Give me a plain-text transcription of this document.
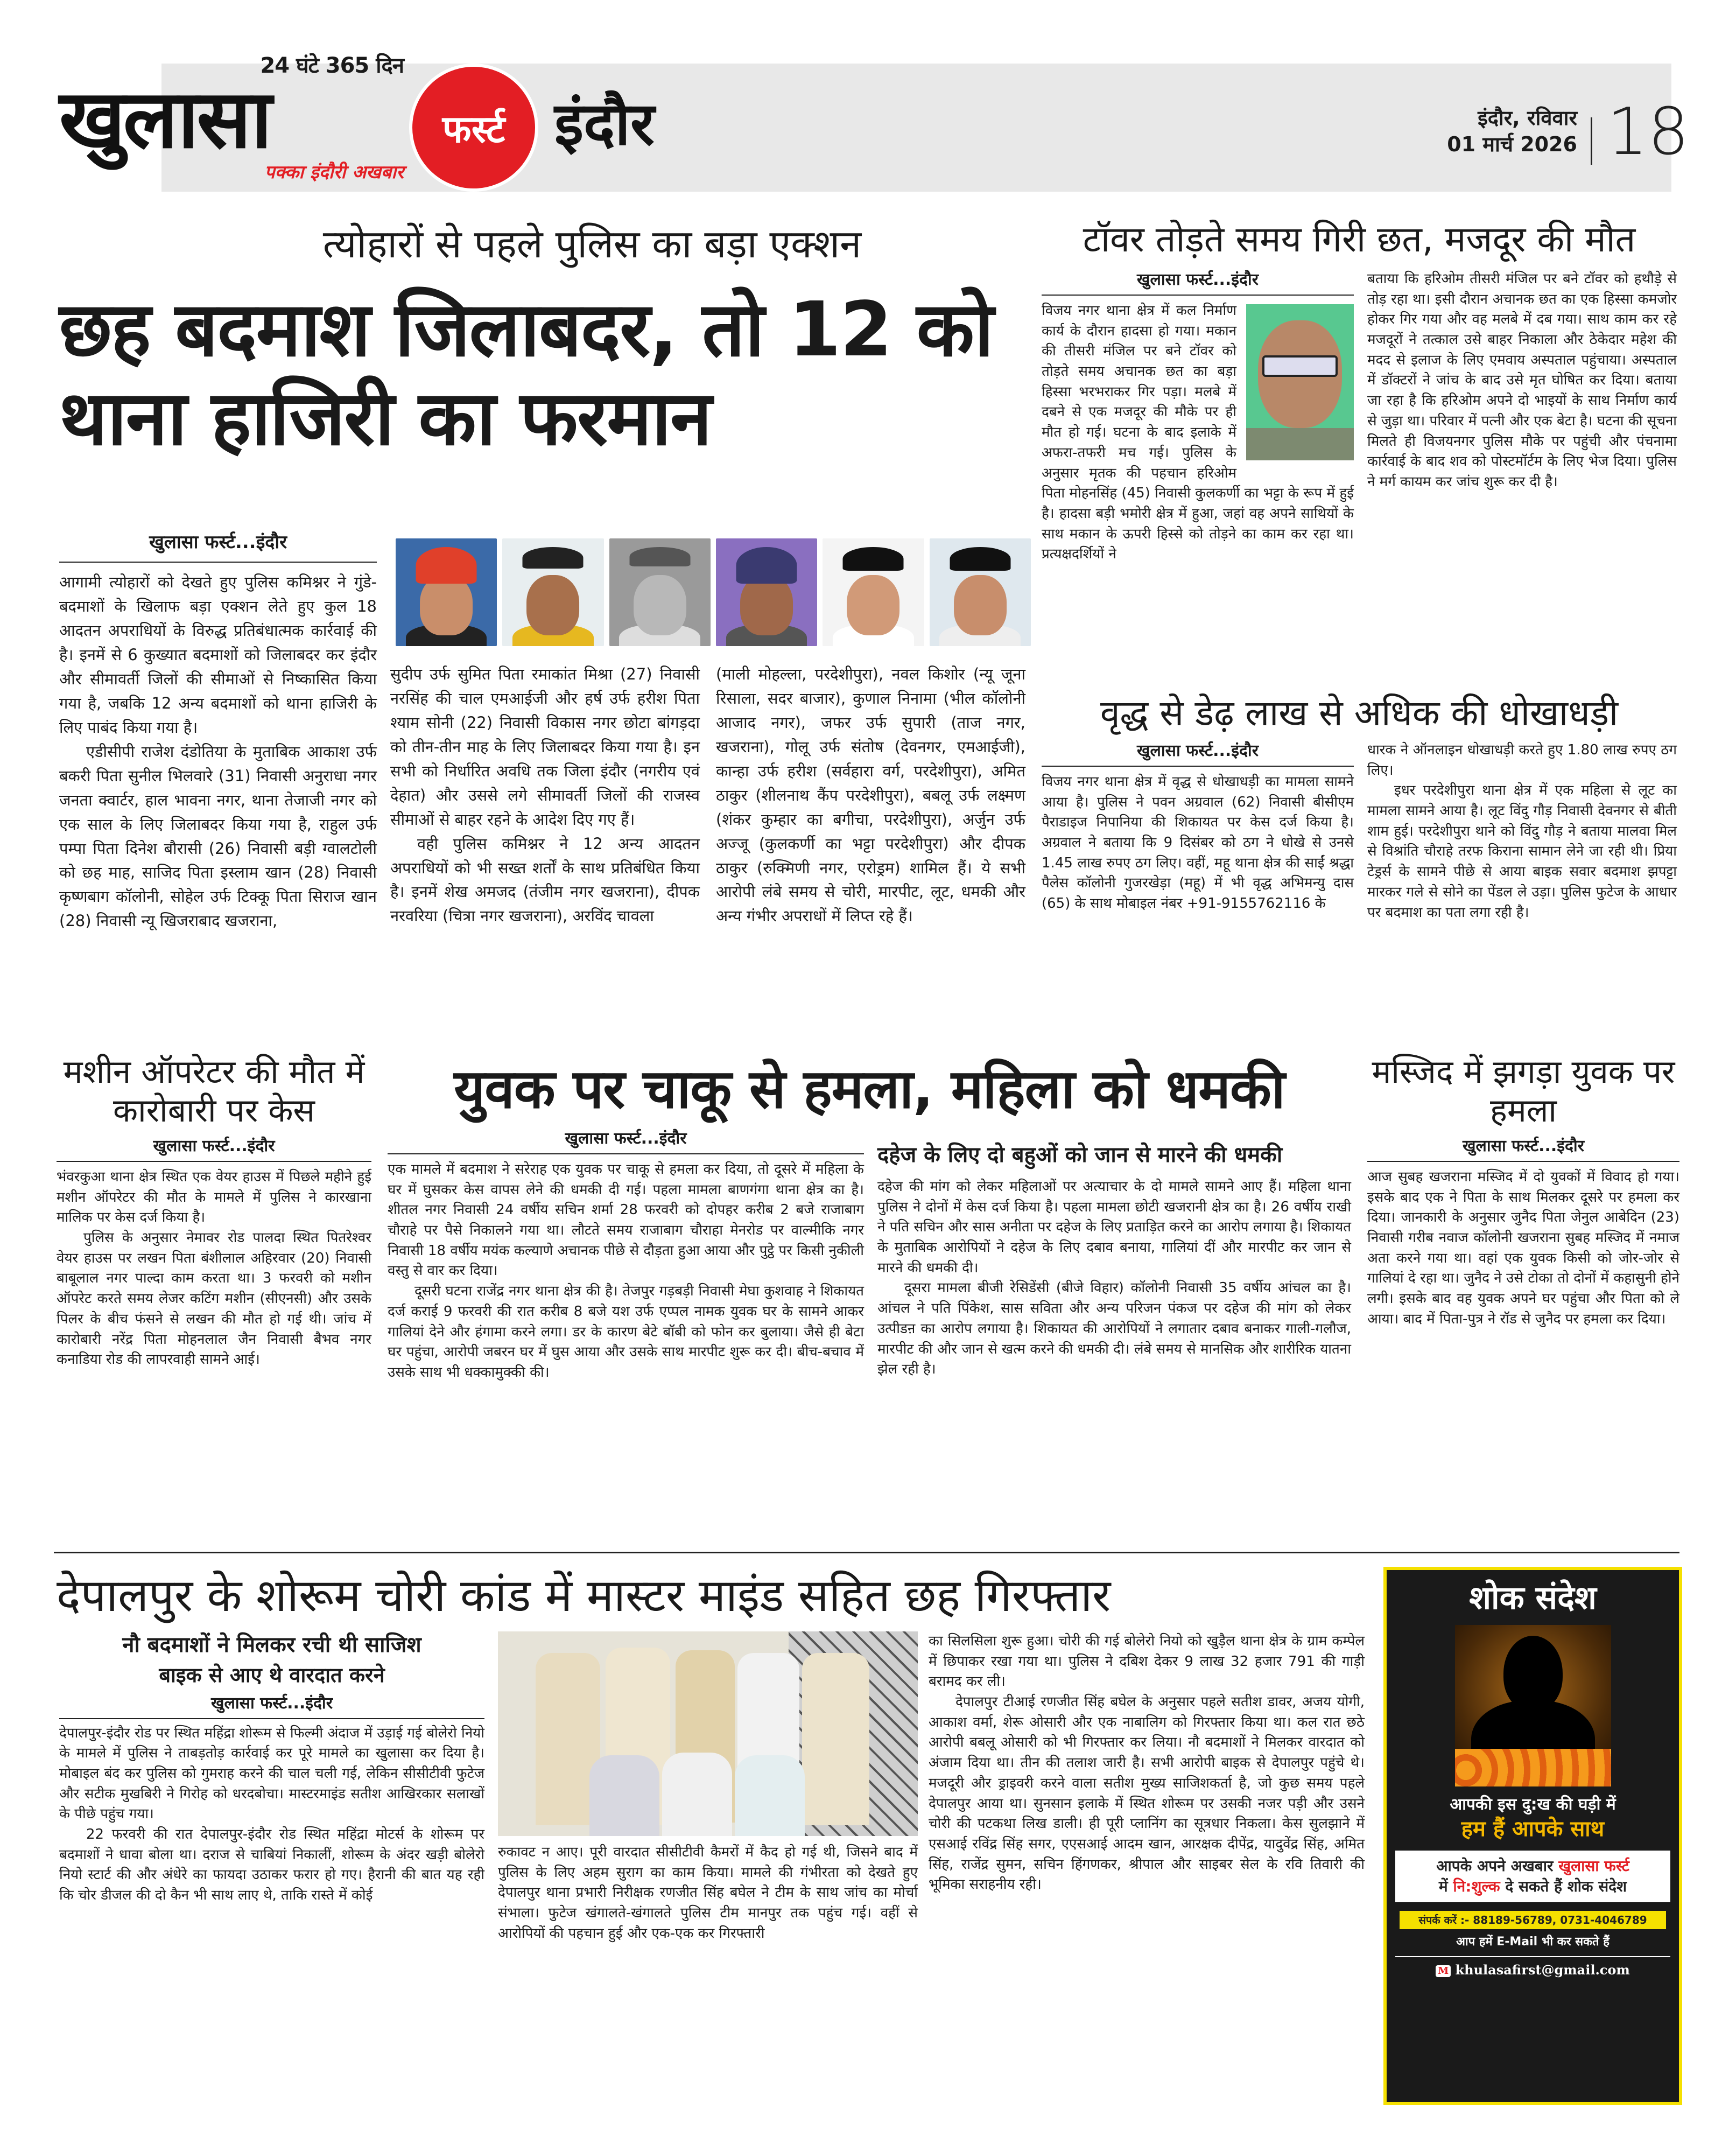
24 घंटे 365 दिन
खुलासा
पक्का इंदौरी अखबार
फर्स्ट इंदौर	इंदौर, रविवार
01 मार्च 2026 18
त्योहारों से पहले पुलिस का बड़ा एक्शन
छह बदमाश जिलाबदर, तो 12 को थाना हाजिरी का फरमान
खुलासा फर्स्ट...इंदौर

आगामी त्योहारों को देखते हुए पुलिस कमिश्नर ने गुंडे-बदमाशों के खिलाफ बड़ा एक्शन लेते हुए कुल 18 आदतन अपराधियों के विरुद्ध प्रतिबंधात्मक कार्रवाई की है। इनमें से 6 कुख्यात बदमाशों को जिलाबदर कर इंदौर और सीमावर्ती जिलों की सीमाओं से निष्कासित किया गया है, जबकि 12 अन्य बदमाशों को थाना हाजिरी के लिए पाबंद किया गया है।

एडीसीपी राजेश दंडोतिया के मुताबिक आकाश उर्फ बकरी पिता सुनील भिलवारे (31) निवासी अनुराधा नगर जनता क्वार्टर, हाल भावना नगर, थाना तेजाजी नगर को एक साल के लिए जिलाबदर किया गया है, राहुल उर्फ पम्पा पिता दिनेश बौरासी (26) निवासी बड़ी ग्वालटोली को छह माह, साजिद पिता इस्लाम खान (28) निवासी कृष्णबाग कॉलोनी, सोहेल उर्फ टिक्कू पिता सिराज खान (28) निवासी न्यू खिजराबाद खजराना,

सुदीप उर्फ सुमित पिता रमाकांत मिश्रा (27) निवासी नरसिंह की चाल एमआईजी और हर्ष उर्फ हरीश पिता श्याम सोनी (22) निवासी विकास नगर छोटा बांगड़दा को तीन-तीन माह के लिए जिलाबदर किया गया है। इन सभी को निर्धारित अवधि तक जिला इंदौर (नगरीय एवं देहात) और उससे लगे सीमावर्ती जिलों की राजस्व सीमाओं से बाहर रहने के आदेश दिए गए हैं।

वही पुलिस कमिश्नर ने 12 अन्य आदतन अपराधियों को भी सख्त शर्तों के साथ प्रतिबंधित किया है। इनमें शेख अमजद (तंजीम नगर खजराना), दीपक नरवरिया (चित्रा नगर खजराना), अरविंद चावला

(माली मोहल्ला, परदेशीपुरा), नवल किशोर (न्यू जूना रिसाला, सदर बाजार), कुणाल निनामा (भील कॉलोनी आजाद नगर), जफर उर्फ सुपारी (ताज नगर, खजराना), गोलू उर्फ संतोष (देवनगर, एमआईजी), कान्हा उर्फ हरीश (सर्वहारा वर्ग, परदेशीपुरा), अमित ठाकुर (शीलनाथ कैंप परदेशीपुरा), बबलू उर्फ लक्ष्मण (शंकर कुम्हार का बगीचा, परदेशीपुरा), अर्जुन उर्फ अज्जू (कुलकर्णी का भट्टा परदेशीपुरा) और दीपक ठाकुर (रुक्मिणी नगर, एरोड्रम) शामिल हैं। ये सभी आरोपी लंबे समय से चोरी, मारपीट, लूट, धमकी और अन्य गंभीर अपराधों में लिप्त रहे हैं।

टॉवर तोड़ते समय गिरी छत, मजदूर की मौत
खुलासा फर्स्ट...इंदौर
विजय नगर थाना क्षेत्र में कल निर्माण कार्य के दौरान हादसा हो गया। मकान की तीसरी मंजिल पर बने टॉवर को तोड़ते समय अचानक छत का बड़ा हिस्सा भरभराकर गिर पड़ा। मलबे में दबने से एक मजदूर की मौके पर ही मौत हो गई। घटना के बाद इलाके में अफरा-तफरी मच गई। पुलिस के अनुसार मृतक की पहचान हरिओम पिता मोहनसिंह (45) निवासी कुलकर्णी का भट्टा के रूप में हुई है। हादसा बड़ी भमोरी क्षेत्र में हुआ, जहां वह अपने साथियों के साथ मकान के ऊपरी हिस्से को तोड़ने का काम कर रहा था। प्रत्यक्षदर्शियों ने
बताया कि हरिओम तीसरी मंजिल पर बने टॉवर को हथौड़े से तोड़ रहा था। इसी दौरान अचानक छत का एक हिस्सा कमजोर होकर गिर गया और वह मलबे में दब गया। साथ काम कर रहे मजदूरों ने तत्काल उसे बाहर निकाला और ठेकेदार महेश की मदद से इलाज के लिए एमवाय अस्पताल पहुंचाया। अस्पताल में डॉक्टरों ने जांच के बाद उसे मृत घोषित कर दिया। बताया जा रहा है कि हरिओम अपने दो भाइयों के साथ निर्माण कार्य से जुड़ा था। परिवार में पत्नी और एक बेटा है। घटना की सूचना मिलते ही विजयनगर पुलिस मौके पर पहुंची और पंचनामा कार्रवाई के बाद शव को पोस्टमॉर्टम के लिए भेज दिया। पुलिस ने मर्ग कायम कर जांच शुरू कर दी है।
वृद्ध से डेढ़ लाख से अधिक की धोखाधड़ी
खुलासा फर्स्ट...इंदौर
विजय नगर थाना क्षेत्र में वृद्ध से धोखाधड़ी का मामला सामने आया है। पुलिस ने पवन अग्रवाल (62) निवासी बीसीएम पैराडाइज निपानिया की शिकायत पर केस दर्ज किया है। अग्रवाल ने बताया कि 9 दिसंबर को ठग ने धोखे से उनसे 1.45 लाख रुपए ठग लिए। वहीं, महू थाना क्षेत्र की साईं श्रद्धा पैलेस कॉलोनी गुजरखेड़ा (महू) में भी वृद्ध अभिमन्यु दास (65) के साथ मोबाइल नंबर +91-9155762116 के

धारक ने ऑनलाइन धोखाधड़ी करते हुए 1.80 लाख रुपए ठग लिए।

इधर परदेशीपुरा थाना क्षेत्र में एक महिला से लूट का मामला सामने आया है। लूट विंदु गौड़ निवासी देवनगर से बीती शाम हुई। परदेशीपुरा थाने को विंदु गौड़ ने बताया मालवा मिल से विश्रांति चौराहे तरफ किराना सामान लेने जा रही थी। प्रिया टेड्रर्स के सामने पीछे से आया बाइक सवार बदमाश झपट्टा मारकर गले से सोने का पेंडल ले उड़ा। पुलिस फुटेज के आधार पर बदमाश का पता लगा रही है।

मशीन ऑपरेटर की मौत में कारोबारी पर केस
खुलासा फर्स्ट...इंदौर

भंवरकुआ थाना क्षेत्र स्थित एक वेयर हाउस में पिछले महीने हुई मशीन ऑपरेटर की मौत के मामले में पुलिस ने कारखाना मालिक पर केस दर्ज किया है।

पुलिस के अनुसार नेमावर रोड पालदा स्थित पितरेश्वर वेयर हाउस पर लखन पिता बंशीलाल अहिरवार (20) निवासी बाबूलाल नगर पाल्दा काम करता था। 3 फरवरी को मशीन ऑपरेट करते समय लेजर कटिंग मशीन (सीएनसी) और उसके पिलर के बीच फंसने से लखन की मौत हो गई थी। जांच में कारोबारी नरेंद्र पिता मोहनलाल जैन निवासी बैभव नगर कनाडिया रोड की लापरवाही सामने आई।

युवक पर चाकू से हमला, महिला को धमकी
खुलासा फर्स्ट...इंदौर

एक मामले में बदमाश ने सरेराह एक युवक पर चाकू से हमला कर दिया, तो दूसरे में महिला के घर में घुसकर केस वापस लेने की धमकी दी गई। पहला मामला बाणगंगा थाना क्षेत्र का है। शीतल नगर निवासी 24 वर्षीय सचिन शर्मा 28 फरवरी को दोपहर करीब 2 बजे राजाबाग चौराहे पर पैसे निकालने गया था। लौटते समय राजाबाग चौराहा मेनरोड पर वाल्मीकि नगर निवासी 18 वर्षीय मयंक कल्याणे अचानक पीछे से दौड़ता हुआ आया और पुट्ठे पर किसी नुकीली वस्तु से वार कर दिया।

दूसरी घटना राजेंद्र नगर थाना क्षेत्र की है। तेजपुर गड़बड़ी निवासी मेघा कुशवाह ने शिकायत दर्ज कराई 9 फरवरी की रात करीब 8 बजे यश उर्फ एप्पल नामक युवक घर के सामने आकर गालियां देने और हंगामा करने लगा। डर के कारण बेटे बॉबी को फोन कर बुलाया। जैसे ही बेटा घर पहुंचा, आरोपी जबरन घर में घुस आया और उसके साथ मारपीट शुरू कर दी। बीच-बचाव में उसके साथ भी धक्कामुक्की की।

दहेज के लिए दो बहुओं को जान से मारने की धमकी

दहेज की मांग को लेकर महिलाओं पर अत्याचार के दो मामले सामने आए हैं। महिला थाना पुलिस ने दोनों में केस दर्ज किया है। पहला मामला छोटी खजरानी क्षेत्र का है। 26 वर्षीय राखी ने पति सचिन और सास अनीता पर दहेज के लिए प्रताड़ित करने का आरोप लगाया है। शिकायत के मुताबिक आरोपियों ने दहेज के लिए दबाव बनाया, गालियां दीं और मारपीट कर जान से मारने की धमकी दी।

दूसरा मामला बीजी रेसिडेंसी (बीजे विहार) कॉलोनी निवासी 35 वर्षीय आंचल का है। आंचल ने पति पिंकेश, सास सविता और अन्य परिजन पंकज पर दहेज की मांग को लेकर उत्पीडऩ का आरोप लगाया है। शिकायत की आरोपियों ने लगातार दबाव बनाकर गाली-गलौज, मारपीट की और जान से खत्म करने की धमकी दी। लंबे समय से मानसिक और शारीरिक यातना झेल रही है।

मस्जिद में झगड़ा युवक पर हमला
खुलासा फर्स्ट...इंदौर
आज सुबह खजराना मस्जिद में दो युवकों में विवाद हो गया। इसके बाद एक ने पिता के साथ मिलकर दूसरे पर हमला कर दिया। जानकारी के अनुसार जुनैद पिता जेनुल आबेदिन (23) निवासी गरीब नवाज कॉलोनी खजराना सुबह मस्जिद में नमाज अता करने गया था। वहां एक युवक किसी को जोर-जोर से गालियां दे रहा था। जुनैद ने उसे टोका तो दोनों में कहासुनी होने लगी। इसके बाद वह युवक अपने घर पहुंचा और पिता को ले आया। बाद में पिता-पुत्र ने रॉड से जुनैद पर हमला कर दिया।
देपालपुर के शोरूम चोरी कांड में मास्टर माइंड सहित छह गिरफ्तार
नौ बदमाशों ने मिलकर रची थी साजिश
बाइक से आए थे वारदात करने
खुलासा फर्स्ट...इंदौर

देपालपुर-इंदौर रोड पर स्थित महिंद्रा शोरूम से फिल्मी अंदाज में उड़ाई गई बोलेरो नियो के मामले में पुलिस ने ताबड़तोड़ कार्रवाई कर पूरे मामले का खुलासा कर दिया है। मोबाइल बंद कर पुलिस को गुमराह करने की चाल चली गई, लेकिन सीसीटीवी फुटेज और सटीक मुखबिरी ने गिरोह को धरदबोचा। मास्टरमाइंड सतीश आखिरकार सलाखों के पीछे पहुंच गया।

22 फरवरी की रात देपालपुर-इंदौर रोड स्थित महिंद्रा मोटर्स के शोरूम पर बदमाशों ने धावा बोला था। दराज से चाबियां निकालीं, शोरूम के अंदर खड़ी बोलेरो नियो स्टार्ट की और अंधेरे का फायदा उठाकर फरार हो गए। हैरानी की बात यह रही कि चोर डीजल की दो कैन भी साथ लाए थे, ताकि रास्ते में कोई

रुकावट न आए। पूरी वारदात सीसीटीवी कैमरों में कैद हो गई थी, जिसने बाद में पुलिस के लिए अहम सुराग का काम किया। मामले की गंभीरता को देखते हुए देपालपुर थाना प्रभारी निरीक्षक रणजीत सिंह बघेल ने टीम के साथ जांच का मोर्चा संभाला। फुटेज खंगालते-खंगालते पुलिस टीम मानपुर तक पहुंच गई। वहीं से आरोपियों की पहचान हुई और एक-एक कर गिरफ्तारी

का सिलसिला शुरू हुआ। चोरी की गई बोलेरो नियो को खुडै़ल थाना क्षेत्र के ग्राम कम्पेल में छिपाकर रखा गया था। पुलिस ने दबिश देकर 9 लाख 32 हजार 791 की गाड़ी बरामद कर ली।

देपालपुर टीआई रणजीत सिंह बघेल के अनुसार पहले सतीश डावर, अजय योगी, आकाश वर्मा, शेरू ओसारी और एक नाबालिग को गिरफ्तार किया था। कल रात छठे आरोपी बबलू ओसारी को भी गिरफ्तार कर लिया। नौ बदमाशों ने मिलकर वारदात को अंजाम दिया था। तीन की तलाश जारी है। सभी आरोपी बाइक से देपालपुर पहुंचे थे। मजदूरी और ड्राइवरी करने वाला सतीश मुख्य साजिशकर्ता है, जो कुछ समय पहले देपालपुर आया था। सुनसान इलाके में स्थित शोरूम पर उसकी नजर पड़ी और उसने चोरी की पटकथा लिख डाली। ही पूरी प्लानिंग का सूत्रधार निकला। केस सुलझाने में एसआई रविंद्र सिंह सगर, एएसआई आदम खान, आरक्षक दीपेंद्र, यादुवेंद्र सिंह, अमित सिंह, राजेंद्र सुमन, सचिन हिंगणकर, श्रीपाल और साइबर सेल के रवि तिवारी की भूमिका सराहनीय रही।

शोक संदेश
आपकी इस दु:ख की घड़ी में
हम हैं आपके साथ
आपके अपने अखबार खुलासा फर्स्ट
में नि:शुल्क दे सकते हैं शोक संदेश
संपर्क करें :- 88189-56789, 0731-4046789
आप हमें E-Mail भी कर सकते हैं
M khulasafirst@gmail.com
